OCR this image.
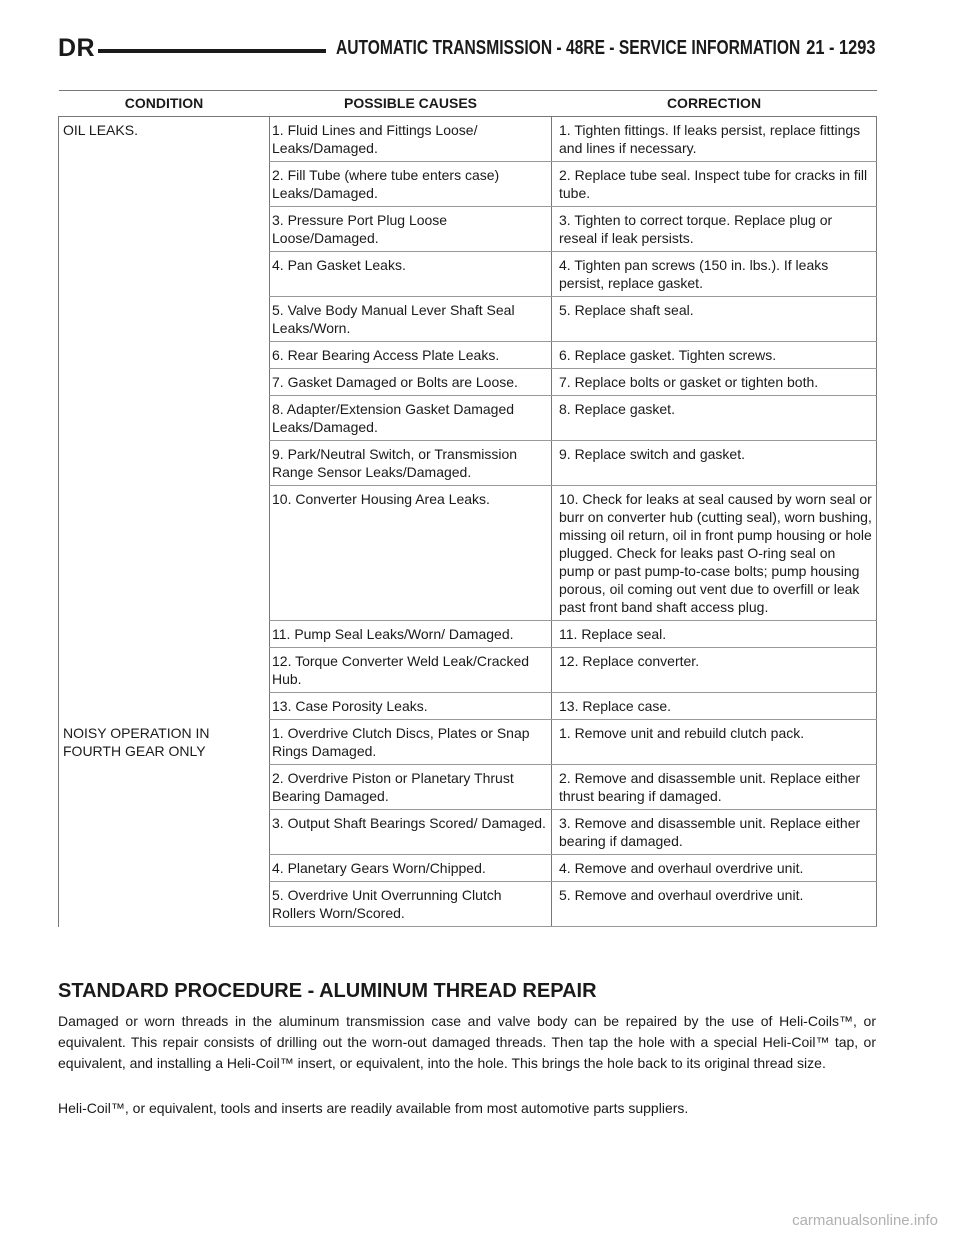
DR	AUTOMATIC TRANSMISSION - 48RE - SERVICE INFORMATION 21 - 1293
CONDITION	POSSIBLE CAUSES	CORRECTION
OIL LEAKS.	1. Fluid Lines and Fittings Loose/ Leaks/Damaged.	1. Tighten fittings. If leaks persist, replace fittings and lines if necessary.
	2. Fill Tube (where tube enters case) Leaks/Damaged.	2. Replace tube seal. Inspect tube for cracks in fill tube.
	3. Pressure Port Plug Loose Loose/Damaged.	3. Tighten to correct torque. Replace plug or reseal if leak persists.
	4. Pan Gasket Leaks.	4. Tighten pan screws (150 in. lbs.). If leaks persist, replace gasket.
	5. Valve Body Manual Lever Shaft Seal Leaks/Worn.	5. Replace shaft seal.
	6. Rear Bearing Access Plate Leaks.	6. Replace gasket. Tighten screws.
	7. Gasket Damaged or Bolts are Loose.	7. Replace bolts or gasket or tighten both.
	8. Adapter/Extension Gasket Damaged Leaks/Damaged.	8. Replace gasket.
	9. Park/Neutral Switch, or Transmission Range Sensor Leaks/Damaged.	9. Replace switch and gasket.
	10. Converter Housing Area Leaks.	10. Check for leaks at seal caused by worn seal or burr on converter hub (cutting seal), worn bushing, missing oil return, oil in front pump housing or hole plugged. Check for leaks past O-ring seal on pump or past pump-to-case bolts; pump housing porous, oil coming out vent due to overfill or leak past front band shaft access plug.
	11. Pump Seal Leaks/Worn/ Damaged.	11. Replace seal.
	12. Torque Converter Weld Leak/Cracked Hub.	12. Replace converter.
	13. Case Porosity Leaks.	13. Replace case.
NOISY OPERATION IN FOURTH GEAR ONLY	1. Overdrive Clutch Discs, Plates or Snap Rings Damaged.	1. Remove unit and rebuild clutch pack.
	2. Overdrive Piston or Planetary Thrust Bearing Damaged.	2. Remove and disassemble unit. Replace either thrust bearing if damaged.
	3. Output Shaft Bearings Scored/ Damaged.	3. Remove and disassemble unit. Replace either bearing if damaged.
	4. Planetary Gears Worn/Chipped.	4. Remove and overhaul overdrive unit.
	5. Overdrive Unit Overrunning Clutch Rollers Worn/Scored.	5. Remove and overhaul overdrive unit.
STANDARD PROCEDURE - ALUMINUM THREAD REPAIR

Damaged or worn threads in the aluminum transmission case and valve body can be repaired by the use of Heli-Coils™, or equivalent. This repair consists of drilling out the worn-out damaged threads. Then tap the hole with a special Heli-Coil™ tap, or equivalent, and installing a Heli-Coil™ insert, or equivalent, into the hole. This brings the hole back to its original thread size.

Heli-Coil™, or equivalent, tools and inserts are readily available from most automotive parts suppliers.

carmanualsonline.info
